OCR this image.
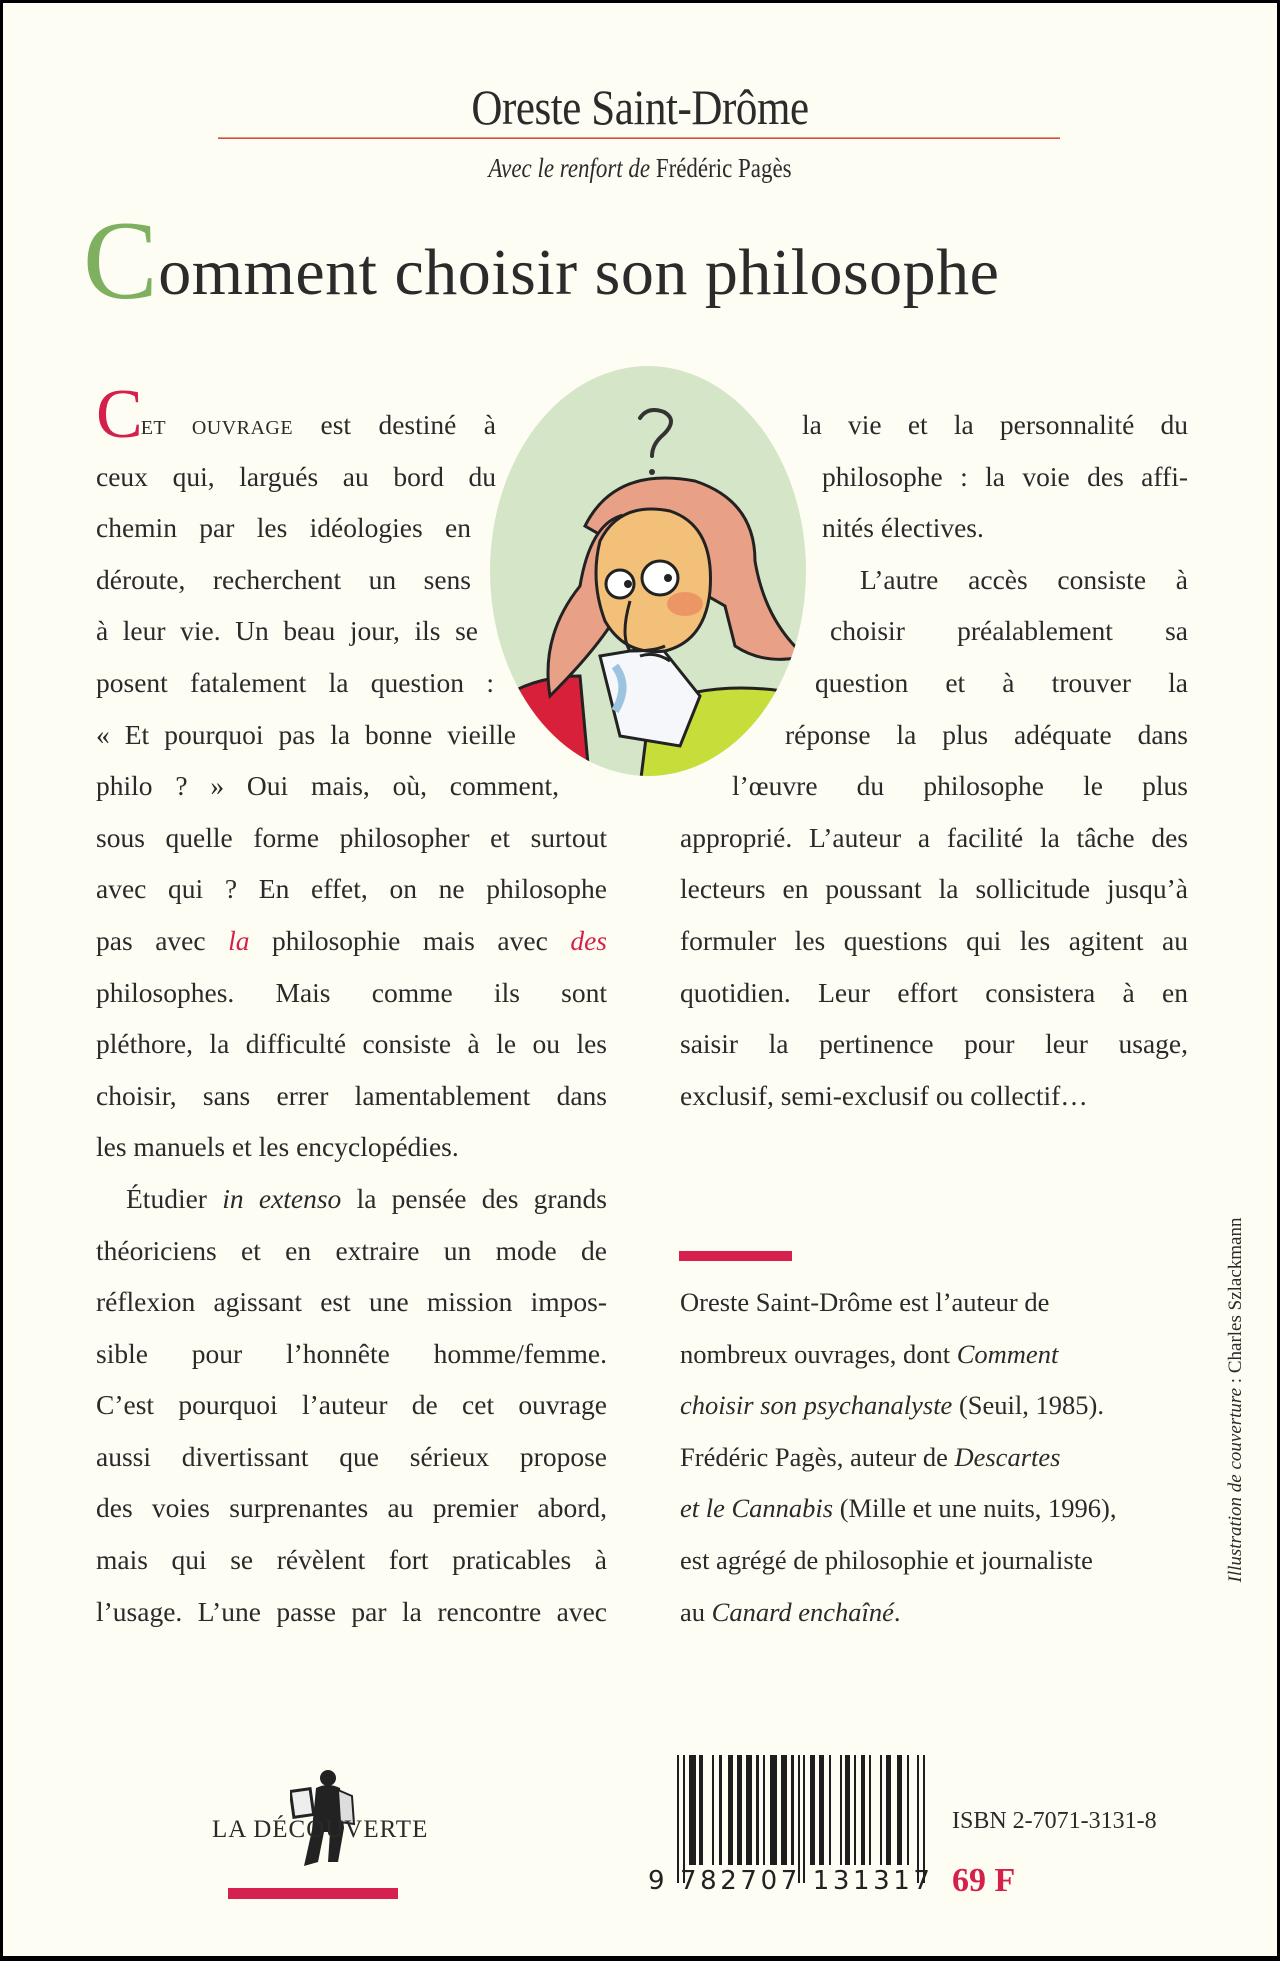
Oreste Saint-Drôme
Avec le renfort de Frédéric Pagès
Comment choisir son philosophe
CET OUVRAGE est destiné à
ceux qui, largués au bord du
chemin par les idéologies en
déroute, recherchent un sens
à leur vie. Un beau jour, ils se
posent fatalement la question :
« Et pourquoi pas la bonne vieille
philo ? » Oui mais, où, comment,
sous quelle forme philosopher et surtout
avec qui ? En effet, on ne philosophe
pas avec la philosophie mais avec des
philosophes. Mais comme ils sont
pléthore, la difficulté consiste à le ou les
choisir, sans errer lamentablement dans
les manuels et les encyclopédies.
Étudier in extenso la pensée des grands
théoriciens et en extraire un mode de
réflexion agissant est une mission impos-
sible pour l’honnête homme/femme.
C’est pourquoi l’auteur de cet ouvrage
aussi divertissant que sérieux propose
des voies surprenantes au premier abord,
mais qui se révèlent fort praticables à
l’usage. L’une passe par la rencontre avec
la vie et la personnalité du
philosophe : la voie des affi-
nités électives.
L’autre accès consiste à
choisir préalablement sa
question et à trouver la
réponse la plus adéquate dans
l’œuvre du philosophe le plus
approprié. L’auteur a facilité la tâche des
lecteurs en poussant la sollicitude jusqu’à
formuler les questions qui les agitent au
quotidien. Leur effort consistera à en
saisir la pertinence pour leur usage,
exclusif, semi-exclusif ou collectif…
Oreste Saint-Drôme est l’auteur de
nombreux ouvrages, dont Comment
choisir son psychanalyste (Seuil, 1985).
Frédéric Pagès, auteur de Descartes
et le Cannabis (Mille et une nuits, 1996),
est agrégé de philosophie et journaliste
au Canard enchaîné.
Illustration de couverture : Charles Szlackmann
LA DÉCOUVERTE
9 782707 131317
ISBN 2-7071-3131-8
69 F
